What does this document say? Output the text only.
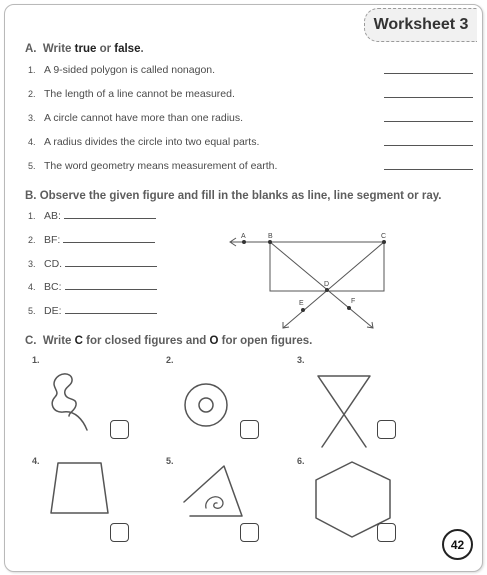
Worksheet 3
A. Write true or false.
1. A 9-sided polygon is called nonagon.
2. The length of a line cannot be measured.
3. A circle cannot have more than one radius.
4. A radius divides the circle into two equal parts.
5. The word geometry means measurement of earth.
B. Observe the given figure and fill in the blanks as line, line segment or ray.
1. AB:
2. BF:
3. CD.
4. BC:
5. DE:
A	B	C
D
E	F
C. Write C for closed figures and O for open figures.
1.	2.	3.
4.	5.	6.
42
